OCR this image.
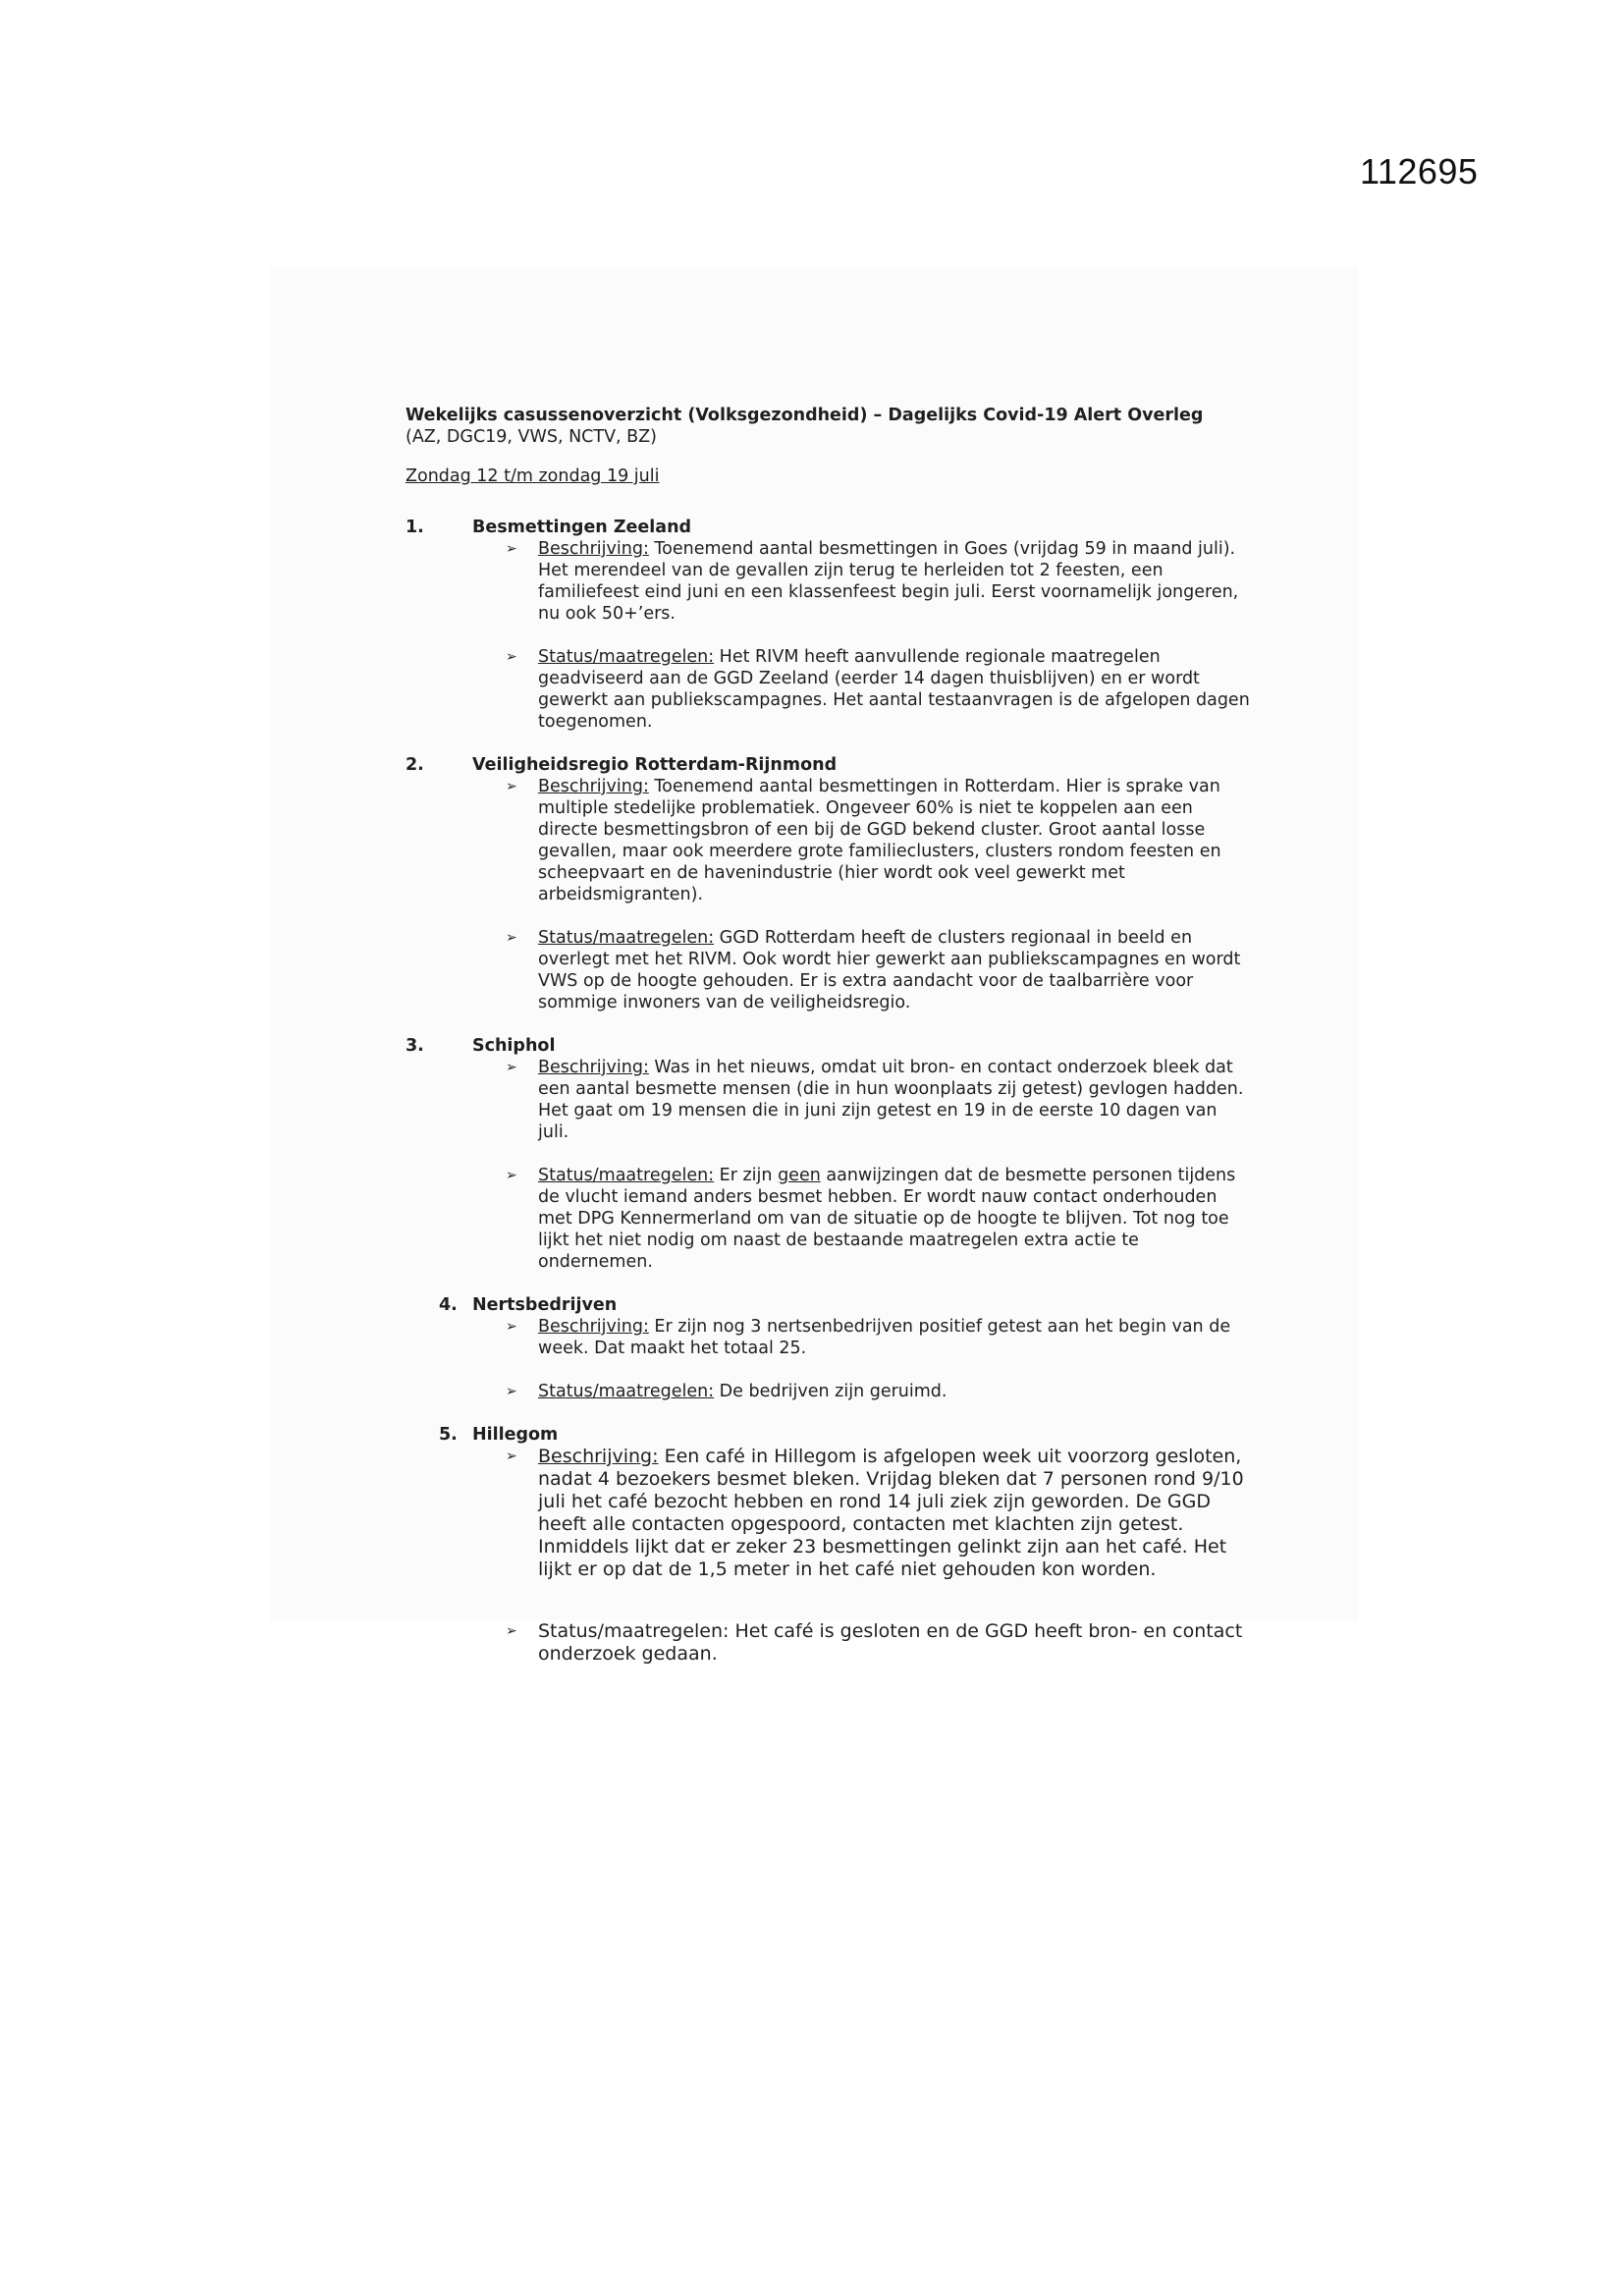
112695
Wekelijks casussenoverzicht (Volksgezondheid) – Dagelijks Covid-19 Alert Overleg
(AZ, DGC19, VWS, NCTV, BZ)
Zondag 12 t/m zondag 19 juli
1.	Besmettingen Zeeland
➢ Beschrijving: Toenemend aantal besmettingen in Goes (vrijdag 59 in maand juli). Het merendeel van de gevallen zijn terug te herleiden tot 2 feesten, een familiefeest eind juni en een klassenfeest begin juli. Eerst voornamelijk jongeren, nu ook 50+’ers.
➢ Status/maatregelen: Het RIVM heeft aanvullende regionale maatregelen geadviseerd aan de GGD Zeeland (eerder 14 dagen thuisblijven) en er wordt gewerkt aan publiekscampagnes. Het aantal testaanvragen is de afgelopen dagen toegenomen.
2.	Veiligheidsregio Rotterdam-Rijnmond
➢ Beschrijving: Toenemend aantal besmettingen in Rotterdam. Hier is sprake van multiple stedelijke problematiek. Ongeveer 60% is niet te koppelen aan een directe besmettingsbron of een bij de GGD bekend cluster. Groot aantal losse gevallen, maar ook meerdere grote familieclusters, clusters rondom feesten en scheepvaart en de havenindustrie (hier wordt ook veel gewerkt met arbeidsmigranten).
➢ Status/maatregelen: GGD Rotterdam heeft de clusters regionaal in beeld en overlegt met het RIVM. Ook wordt hier gewerkt aan publiekscampagnes en wordt VWS op de hoogte gehouden. Er is extra aandacht voor de taalbarrière voor sommige inwoners van de veiligheidsregio.
3.	Schiphol
➢ Beschrijving: Was in het nieuws, omdat uit bron- en contact onderzoek bleek dat een aantal besmette mensen (die in hun woonplaats zij getest) gevlogen hadden. Het gaat om 19 mensen die in juni zijn getest en 19 in de eerste 10 dagen van juli.
➢ Status/maatregelen: Er zijn geen aanwijzingen dat de besmette personen tijdens de vlucht iemand anders besmet hebben. Er wordt nauw contact onderhouden met DPG Kennermerland om van de situatie op de hoogte te blijven. Tot nog toe lijkt het niet nodig om naast de bestaande maatregelen extra actie te ondernemen.
4. Nertsbedrijven
➢ Beschrijving: Er zijn nog 3 nertsenbedrijven positief getest aan het begin van de week. Dat maakt het totaal 25.
➢ Status/maatregelen: De bedrijven zijn geruimd.
5. Hillegom
➢ Beschrijving: Een café in Hillegom is afgelopen week uit voorzorg gesloten, nadat 4 bezoekers besmet bleken. Vrijdag bleken dat 7 personen rond 9/10 juli het café bezocht hebben en rond 14 juli ziek zijn geworden. De GGD heeft alle contacten opgespoord, contacten met klachten zijn getest. Inmiddels lijkt dat er zeker 23 besmettingen gelinkt zijn aan het café. Het lijkt er op dat de 1,5 meter in het café niet gehouden kon worden.
➢ Status/maatregelen: Het café is gesloten en de GGD heeft bron- en contact onderzoek gedaan.
